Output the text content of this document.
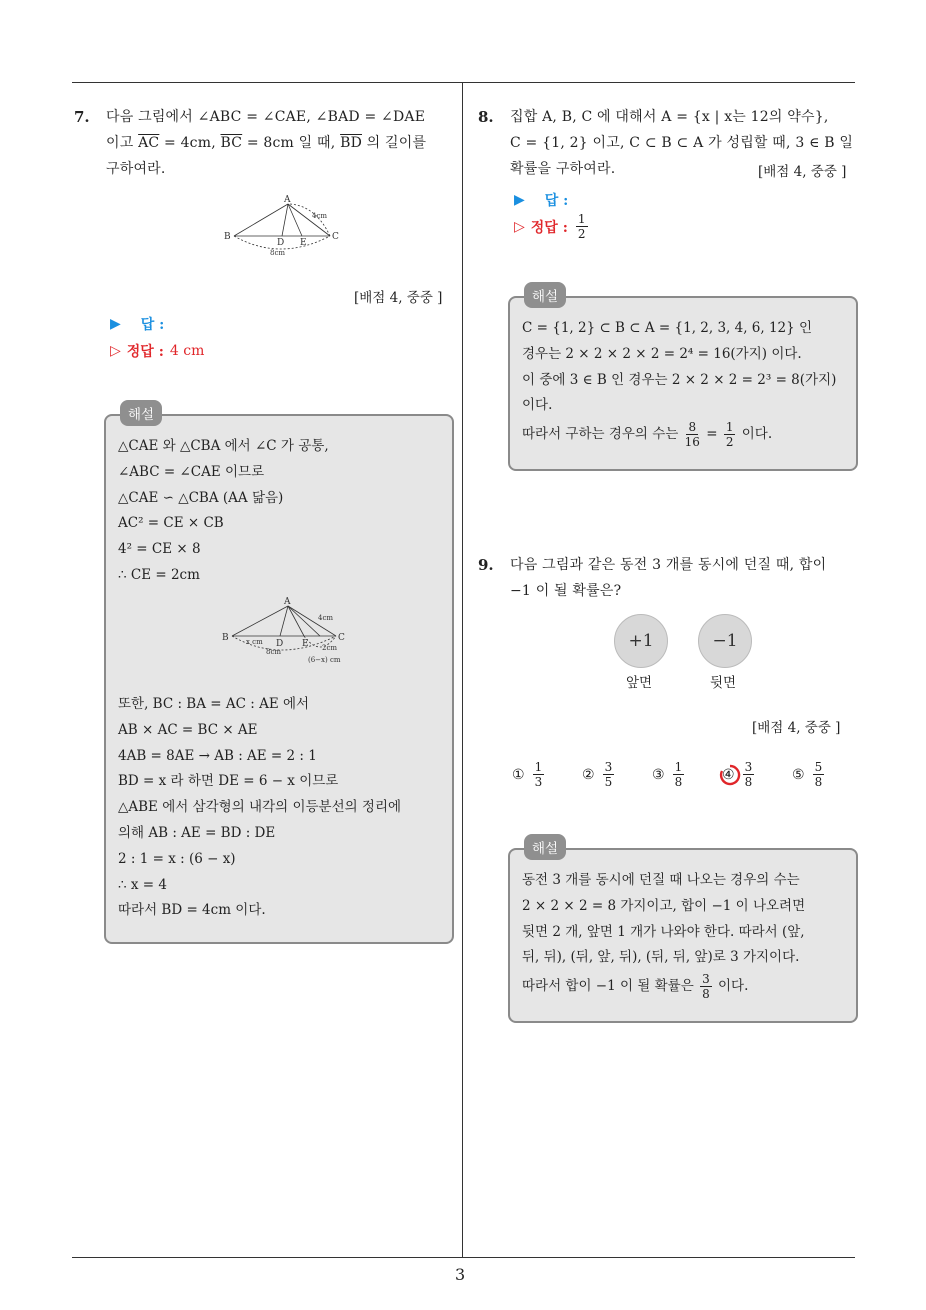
3
7. 다음 그림에서 ∠ABC = ∠CAE, ∠BAD = ∠DAE
이고 $\overline{AC} = 4cm$, $\overline{BC} = 8cm$ 일 때, $\overline{BD}$ 의 길이를
구하여라.
A
B	C
D E
4cm
8cm
[배점 4, 중중 ]
▶ 답 :
▷ 정답 : 4 cm
해설
△CAE 와 △CBA 에서 ∠C 가 공통,
∠ABC = ∠CAE 이므로
△CAE ∽ △CBA (AA 닮음)
AC² = CE × CB
4² = CE × 8
∴ CE = 2cm
A
B	C
D E
4cm
x cm
2cm
8cm
(6−x) cm
또한, BC : BA = AC : AE 에서
AB × AC = BC × AE
4AB = 8AE → AB : AE = 2 : 1
BD = x 라 하면 DE = 6 − x 이므로
△ABE 에서 삼각형의 내각의 이등분선의 정리에
의해 AB : AE = BD : DE
2 : 1 = x : (6 − x)
∴ x = 4
따라서 BD = 4cm 이다.
8. 집합 A, B, C 에 대해서 A = {x | x는 12의 약수},
C = {1, 2} 이고, C ⊂ B ⊂ A 가 성립할 때, 3 ∈ B 일
확률을 구하여라.	[배점 4, 중중 ]
▶ 답 :
▷ 정답 : $\frac{1}{2}$
해설
C = {1, 2} ⊂ B ⊂ A = {1, 2, 3, 4, 6, 12} 인
경우는 2 × 2 × 2 × 2 = 2⁴ = 16(가지) 이다.
이 중에 3 ∈ B 인 경우는 2 × 2 × 2 = 2³ = 8(가지)
이다.
따라서 구하는 경우의 수는 $\frac{8}{16} = \frac{1}{2}$ 이다.
9. 다음 그림과 같은 동전 3 개를 동시에 던질 때, 합이
−1 이 될 확률은?
+1	−1
앞면	뒷면
[배점 4, 중중 ]
① $\frac{1}{3}$	② $\frac{3}{5}$	③ $\frac{1}{8}$	④ $\frac{3}{8}$	⑤ $\frac{5}{8}$
해설
동전 3 개를 동시에 던질 때 나오는 경우의 수는
2 × 2 × 2 = 8 가지이고, 합이 −1 이 나오려면
뒷면 2 개, 앞면 1 개가 나와야 한다. 따라서 (앞,
뒤, 뒤), (뒤, 앞, 뒤), (뒤, 뒤, 앞)로 3 가지이다.
따라서 합이 −1 이 될 확률은 $\frac{3}{8}$ 이다.
